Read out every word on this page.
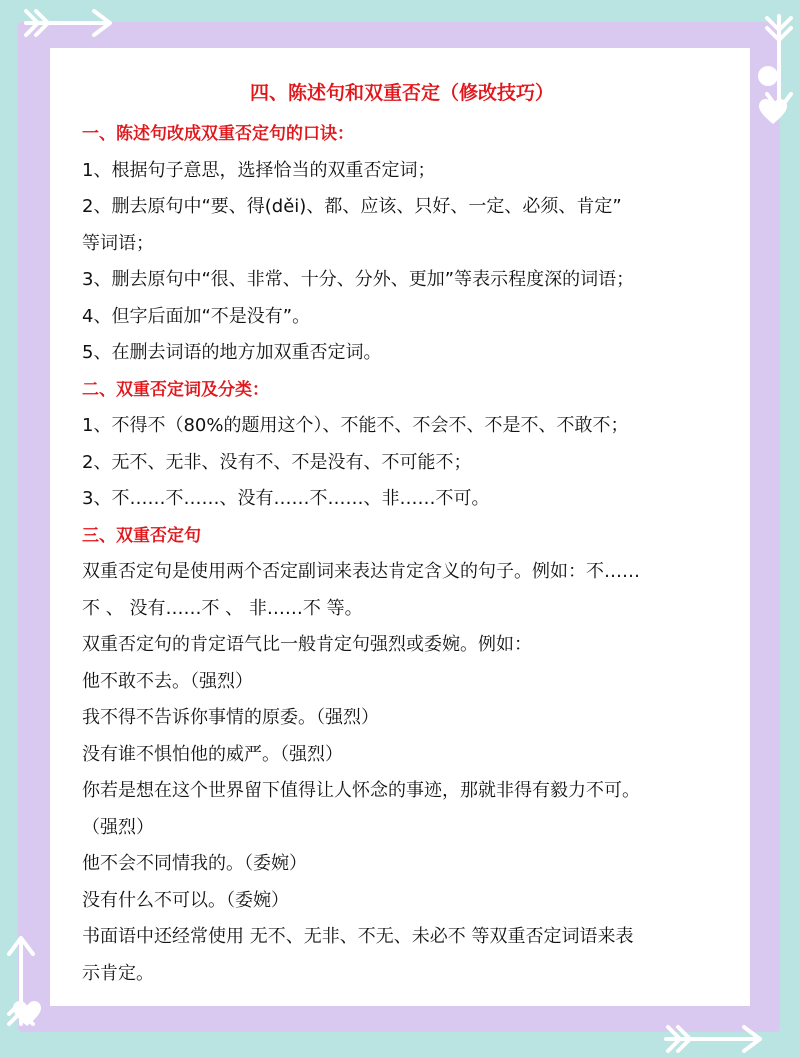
四、陈述句和双重否定（修改技巧）
一、陈述句改成双重否定句的口诀：
1、根据句子意思，选择恰当的双重否定词；
2、删去原句中“要、得(děi)、都、应该、只好、一定、必须、肯定”
等词语；
3、删去原句中“很、非常、十分、分外、更加”等表示程度深的词语；
4、但字后面加“不是没有”。
5、在删去词语的地方加双重否定词。
二、双重否定词及分类：
1、不得不（80%的题用这个）、不能不、不会不、不是不、不敢不；
2、无不、无非、没有不、不是没有、不可能不；
3、不……不……、没有……不……、非……不可。
三、双重否定句
双重否定句是使用两个否定副词来表达肯定含义的句子。例如：不……
不 、 没有……不 、 非……不 等。
双重否定句的肯定语气比一般肯定句强烈或委婉。例如：
他不敢不去。（强烈）
我不得不告诉你事情的原委。（强烈）
没有谁不惧怕他的威严。（强烈）
你若是想在这个世界留下值得让人怀念的事迹，那就非得有毅力不可。
（强烈）
他不会不同情我的。（委婉）
没有什么不可以。（委婉）
书面语中还经常使用 无不、无非、不无、未必不 等双重否定词语来表
示肯定。
